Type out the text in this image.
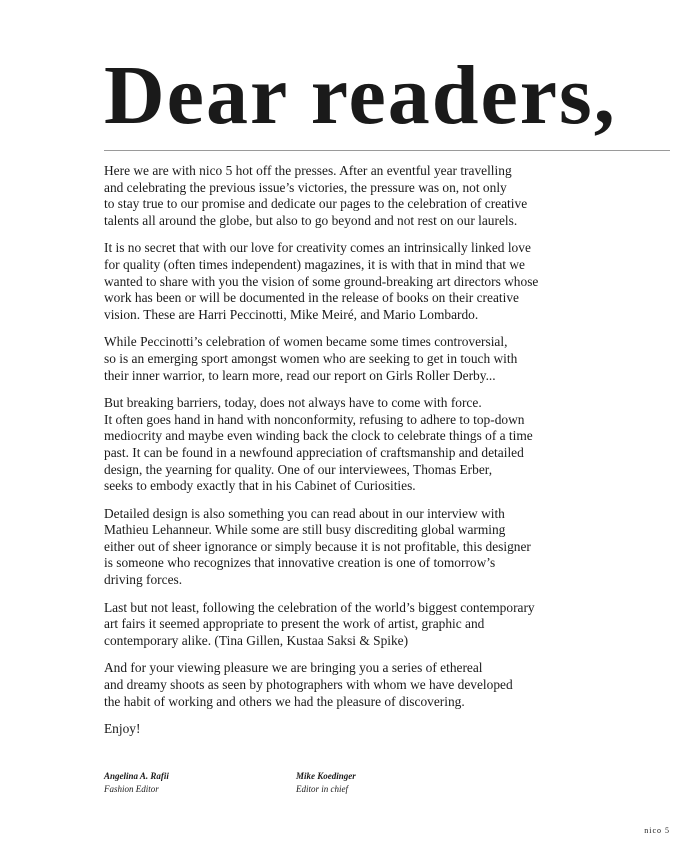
Dear readers,

Here we are with nico 5 hot off the presses. After an eventful year travelling
and celebrating the previous issue’s victories, the pressure was on, not only
to stay true to our promise and dedicate our pages to the celebration of creative
talents all around the globe, but also to go beyond and not rest on our laurels.

It is no secret that with our love for creativity comes an intrinsically linked love
for quality (often times independent) magazines, it is with that in mind that we
wanted to share with you the vision of some ground-breaking art directors whose
work has been or will be documented in the release of books on their creative
vision. These are Harri Peccinotti, Mike Meiré, and Mario Lombardo.

While Peccinotti’s celebration of women became some times controversial,
so is an emerging sport amongst women who are seeking to get in touch with
their inner warrior, to learn more, read our report on Girls Roller Derby...

But breaking barriers, today, does not always have to come with force.
It often goes hand in hand with nonconformity, refusing to adhere to top-down
mediocrity and maybe even winding back the clock to celebrate things of a time
past. It can be found in a newfound appreciation of craftsmanship and detailed
design, the yearning for quality. One of our interviewees, Thomas Erber,
seeks to embody exactly that in his Cabinet of Curiosities.

Detailed design is also something you can read about in our interview with
Mathieu Lehanneur. While some are still busy discrediting global warming
either out of sheer ignorance or simply because it is not profitable, this designer
is someone who recognizes that innovative creation is one of tomorrow’s
driving forces.

Last but not least, following the celebration of the world’s biggest contemporary
art fairs it seemed appropriate to present the work of artist, graphic and
contemporary alike. (Tina Gillen, Kustaa Saksi & Spike)

And for your viewing pleasure we are bringing you a series of ethereal
and dreamy shoots as seen by photographers with whom we have developed
the habit of working and others we had the pleasure of discovering.

Enjoy!

Angelina A. Rafii
Fashion Editor
Mike Koedinger
Editor in chief
nico 5
